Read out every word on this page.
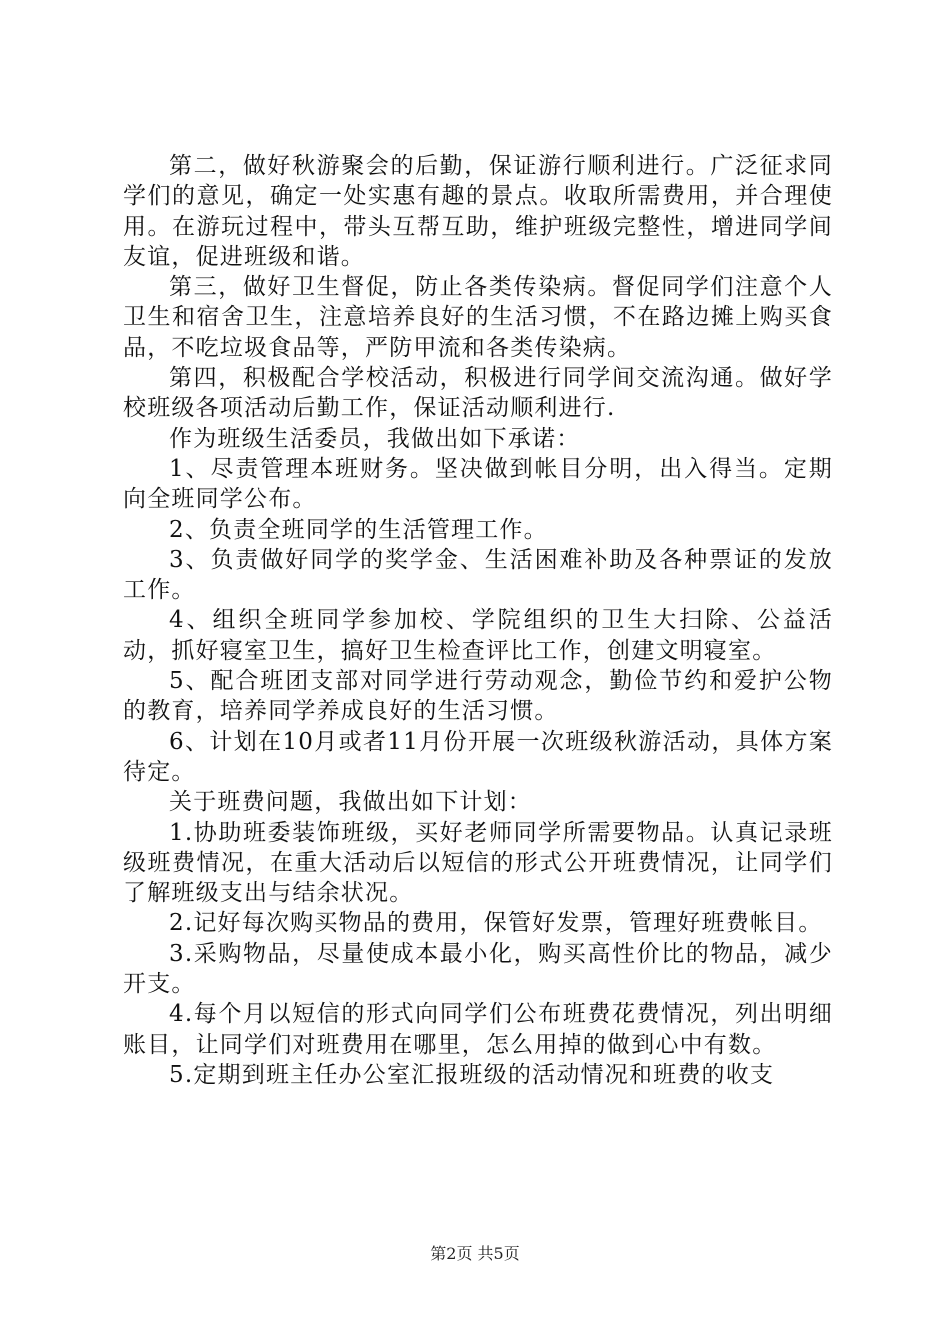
第二，做好秋游聚会的后勤，保证游行顺利进行。广泛征求同学们的意见，确定一处实惠有趣的景点。收取所需费用，并合理使用。在游玩过程中，带头互帮互助，维护班级完整性，增进同学间友谊，促进班级和谐。

第三，做好卫生督促，防止各类传染病。督促同学们注意个人卫生和宿舍卫生，注意培养良好的生活习惯，不在路边摊上购买食品，不吃垃圾食品等，严防甲流和各类传染病。

第四，积极配合学校活动，积极进行同学间交流沟通。做好学校班级各项活动后勤工作，保证活动顺利进行.

作为班级生活委员，我做出如下承诺：

1、尽责管理本班财务。坚决做到帐目分明，出入得当。定期向全班同学公布。

2、负责全班同学的生活管理工作。

3、负责做好同学的奖学金、生活困难补助及各种票证的发放工作。

4、组织全班同学参加校、学院组织的卫生大扫除、公益活动，抓好寝室卫生，搞好卫生检查评比工作，创建文明寝室。

5、配合班团支部对同学进行劳动观念，勤俭节约和爱护公物的教育，培养同学养成良好的生活习惯。

6、计划在10月或者11月份开展一次班级秋游活动，具体方案待定。

关于班费问题，我做出如下计划：

1.协助班委装饰班级，买好老师同学所需要物品。认真记录班级班费情况，在重大活动后以短信的形式公开班费情况，让同学们了解班级支出与结余状况。

2.记好每次购买物品的费用，保管好发票，管理好班费帐目。

3.采购物品，尽量使成本最小化，购买高性价比的物品，减少开支。

4.每个月以短信的形式向同学们公布班费花费情况，列出明细账目，让同学们对班费用在哪里，怎么用掉的做到心中有数。

5.定期到班主任办公室汇报班级的活动情况和班费的收支

第2页 共5页
